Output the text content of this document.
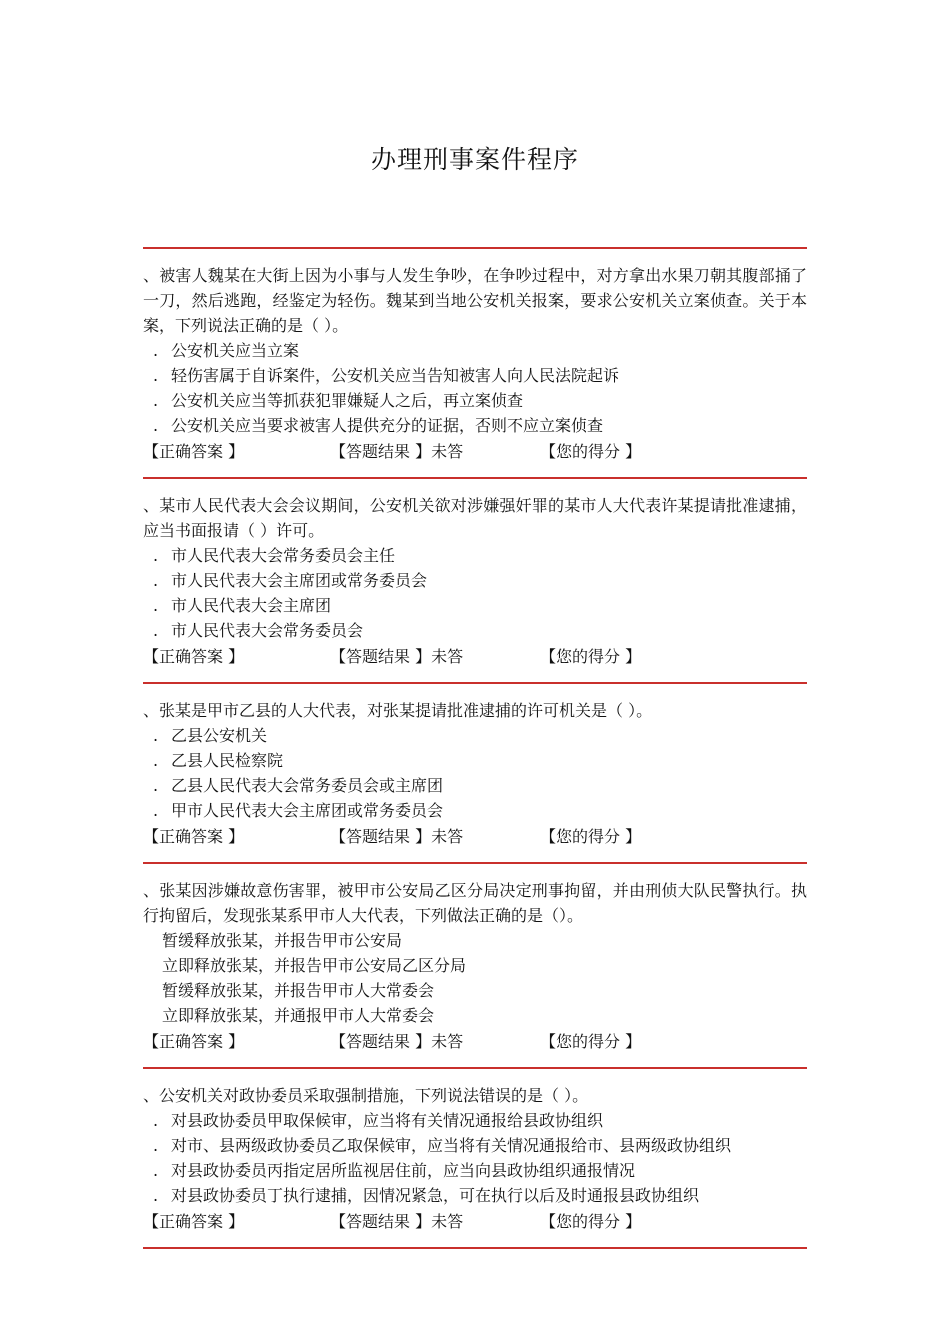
办理刑事案件程序

、被害人魏某在大街上因为小事与人发生争吵，在争吵过程中，对方拿出水果刀朝其腹部捅了一刀，然后逃跑，经鉴定为轻伤。魏某到当地公安机关报案，要求公安机关立案侦查。关于本案，下列说法正确的是（ ）。

. 公安机关应当立案

. 轻伤害属于自诉案件，公安机关应当告知被害人向人民法院起诉

. 公安机关应当等抓获犯罪嫌疑人之后，再立案侦查

. 公安机关应当要求被害人提供充分的证据，否则不应立案侦查

【正确答案 】	【答题结果 】未答	【您的得分 】

、某市人民代表大会会议期间，公安机关欲对涉嫌强奸罪的某市人大代表许某提请批准逮捕，应当书面报请（ ）许可。

. 市人民代表大会常务委员会主任

. 市人民代表大会主席团或常务委员会

. 市人民代表大会主席团

. 市人民代表大会常务委员会

【正确答案 】	【答题结果 】未答	【您的得分 】

、张某是甲市乙县的人大代表，对张某提请批准逮捕的许可机关是（ ）。

. 乙县公安机关

. 乙县人民检察院

. 乙县人民代表大会常务委员会或主席团

. 甲市人民代表大会主席团或常务委员会

【正确答案 】	【答题结果 】未答	【您的得分 】

、张某因涉嫌故意伤害罪，被甲市公安局乙区分局决定刑事拘留，并由刑侦大队民警执行。执行拘留后，发现张某系甲市人大代表，下列做法正确的是（）。

暂缓释放张某，并报告甲市公安局

立即释放张某，并报告甲市公安局乙区分局

暂缓释放张某，并报告甲市人大常委会

立即释放张某，并通报甲市人大常委会

【正确答案 】	【答题结果 】未答	【您的得分 】

、公安机关对政协委员采取强制措施，下列说法错误的是（ ）。

. 对县政协委员甲取保候审，应当将有关情况通报给县政协组织

. 对市、县两级政协委员乙取保候审，应当将有关情况通报给市、县两级政协组织

. 对县政协委员丙指定居所监视居住前，应当向县政协组织通报情况

. 对县政协委员丁执行逮捕，因情况紧急，可在执行以后及时通报县政协组织

【正确答案 】	【答题结果 】未答	【您的得分 】
